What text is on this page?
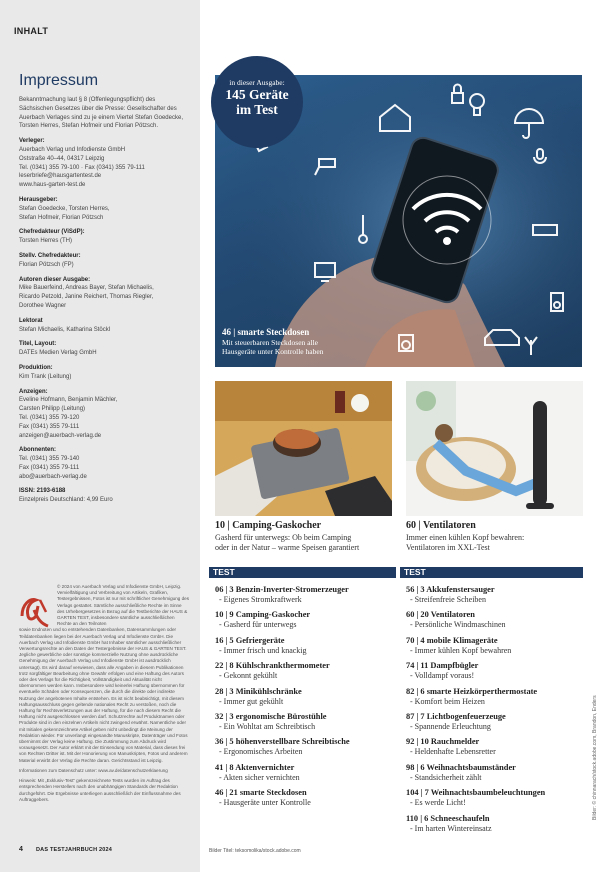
INHALT
Impressum
Bekanntmachung laut § 8 (Offenlegungspflicht) des Sächsischen Gesetzes über die Presse: Gesellschafter des Auerbach Verlages sind zu je einem Viertel Stefan Goedecke, Torsten Herres, Stefan Hofmeir und Florian Pötzsch.
Verleger:
Auerbach Verlag und Infodienste GmbH
Oststraße 40–44, 04317 Leipzig
Tel. (0341) 355 79-100 · Fax (0341) 355 79-111
leserbriefe@hausgartentest.de
www.haus-garten-test.de
Herausgeber:
Stefan Goedecke, Torsten Herres,
Stefan Hofmeir, Florian Pötzsch
Chefredakteur (ViSdP):
Torsten Herres (TH)
Stellv. Chefredakteur:
Florian Pötzsch (FP)
Autoren dieser Ausgabe:
Mike Bauerfeind, Andreas Bayer, Stefan Michaelis,
Ricardo Petzold, Janine Reichert, Thomas Riegler,
Dorothee Wagner
Lektorat
Stefan Michaelis, Katharina Stöckl
Titel, Layout:
DATEs Medien Verlag GmbH
Produktion:
Kim Trank (Leitung)
Anzeigen:
Eveline Hofmann, Benjamin Mächler,
Carsten Philipp (Leitung)
Tel. (0341) 355 79-120
Fax (0341) 355 79-111
anzeigen@auerbach-verlag.de
Abonnenten:
Tel. (0341) 355 79-140
Fax (0341) 355 79-111
abo@auerbach-verlag.de
ISSN: 2193-6188
Einzelpreis Deutschland: 4,99 Euro
© 2024 von Auerbach Verlag und Infodienste GmbH, Leipzig. Vervielfältigung und Verbreitung von Artikeln, Grafiken, Testergebnissen, Fotos ist nur mit schriftlicher Genehmigung des Verlags gestattet. Sämtliche ausschließliche Rechte im Sinne des Urhebergesetzes in Bezug auf die Testberichte der HAUS & GARTEN TEST, insbesondere sämtliche ausschließlichen Rechte an den Teilnoten
sowie Endnoten und so entstehenden Datenbanken, Datensammlungen oder Teildatenbanken liegen bei der Auerbach Verlag und Infodienste GmbH. Die Auerbach Verlag und Infodienste GmbH hat Inhaber sämtlicher ausschließlicher Verwertungsrechte an den Daten der Testergebnisse der HAUS & GARTEN TEST. Jegliche gewerbliche oder sonstige kommerzielle Nutzung ohne ausdrückliche Genehmigung der Auerbach Verlag und Infodienste GmbH ist ausdrücklich untersagt). Es wird darauf verwiesen, dass alle Angaben in diesem Publikationen trotz sorgfältiger Bearbeitung ohne Gewähr erfolgen und eine Haftung des Autors oder des Verlags für die Richtigkeit, Vollständigkeit und Aktualität nicht übernommen werden kann. Insbesondere wird keinerlei Haftung übernommen für eventuelle Schäden oder Konsequenzen, die durch die direkte oder indirekte Nutzung der angebotenen Inhalte entstehen. Es ist nicht beabsichtigt, mit diesem Haftungsausschluss gegen geltende nationales Recht zu verstoßen, noch die Haftung für Rechtsverletzungen aus der Haftung, für die nach diesem Recht die Haftung nicht ausgeschlossen werden darf. Schutzrechte auf Produktnamen oder Produkte sind in den einzelnen Artikeln nicht zwingend erwähnt. Namentliche oder mit Initialen gekennzeichnete Artikel geben nicht unbedingt die Meinung der Redaktion wieder. Für unverlangt eingesandte Manuskripte, Datenträger und Fotos übernimmt der Verlag keine Haftung. Die Zustimmung zum Abdruck wird vorausgesetzt. Der Autor erklärt mit der Einsendung von Material, dass dieses frei von Rechten Dritter ist. Mit der Honorierung von Manuskripten, Fotos und anderem Material erwirbt der Verlag die Rechte daran. Gerichtsstand ist Leipzig.
Informationen zum Datenschutz unter: www.av.de/datenschutzerklaerung
Hinweis: Mit „Exklusiv-Test“ gekennzeichnete Tests wurden im Auftrag des entsprechenden Herstellers nach den unabhängigen Standards der Redaktion durchgeführt. Die Ergebnisse unterliegen ausschließlich der Einflussnahme des Auftraggebers.
4 DAS TESTJAHRBUCH 2024
in dieser Ausgabe:
145 Geräte
im Test
46 | smarte Steckdosen
Mit steuerbaren Steckdosen alle
Hausgeräte unter Kontrolle haben
10 | Camping-Gaskocher
Gasherd für unterwegs: Ob beim Camping
oder in der Natur – warme Speisen garantiert
60 | Ventilatoren
Immer einen kühlen Kopf bewahren:
Ventilatoren im XXL-Test
TEST	TEST
06 | 3 Benzin-Inverter-Stromerzeuger
- Eigenes Stromkraftwerk
10 | 9 Camping-Gaskocher
- Gasherd für unterwegs
16 | 5 Gefriergeräte
- Immer frisch und knackig
22 | 8 Kühlschrankthermometer
- Gekonnt gekühlt
28 | 3 Minikühlschränke
- Immer gut gekühlt
32 | 3 ergonomische Bürostühle
- Ein Wohltat am Schreibtisch
36 | 5 höhenverstellbare Schreibtische
- Ergonomisches Arbeiten
41 | 8 Aktenvernichter
- Akten sicher vernichten
46 | 21 smarte Steckdosen
- Hausgeräte unter Kontrolle
56 | 3 Akkufenstersauger
- Streifenfreie Scheiben
60 | 20 Ventilatoren
- Persönliche Windmaschinen
70 | 4 mobile Klimageräte
- Immer kühlen Kopf bewahren
74 | 11 Dampfbügler
- Volldampf voraus!
82 | 6 smarte Heizkörperthermostate
- Komfort beim Heizen
87 | 7 Lichtbogenfeuerzeuge
- Spannende Erleuchtung
92 | 10 Rauchmelder
- Heldenhafte Lebensretter
98 | 6 Weihnachtsbaumständer
- Standsicherheit zählt
104 | 7 Weihnachtsbaumbeleuchtungen
- Es werde Licht!
110 | 6 Schneeschaufeln
- Im harten Wintereinsatz
Bilder Titel: teksomolika/stock.adobe.com
Bilder: © chinnarach/stock.adobe.com, Brandon, Enders
